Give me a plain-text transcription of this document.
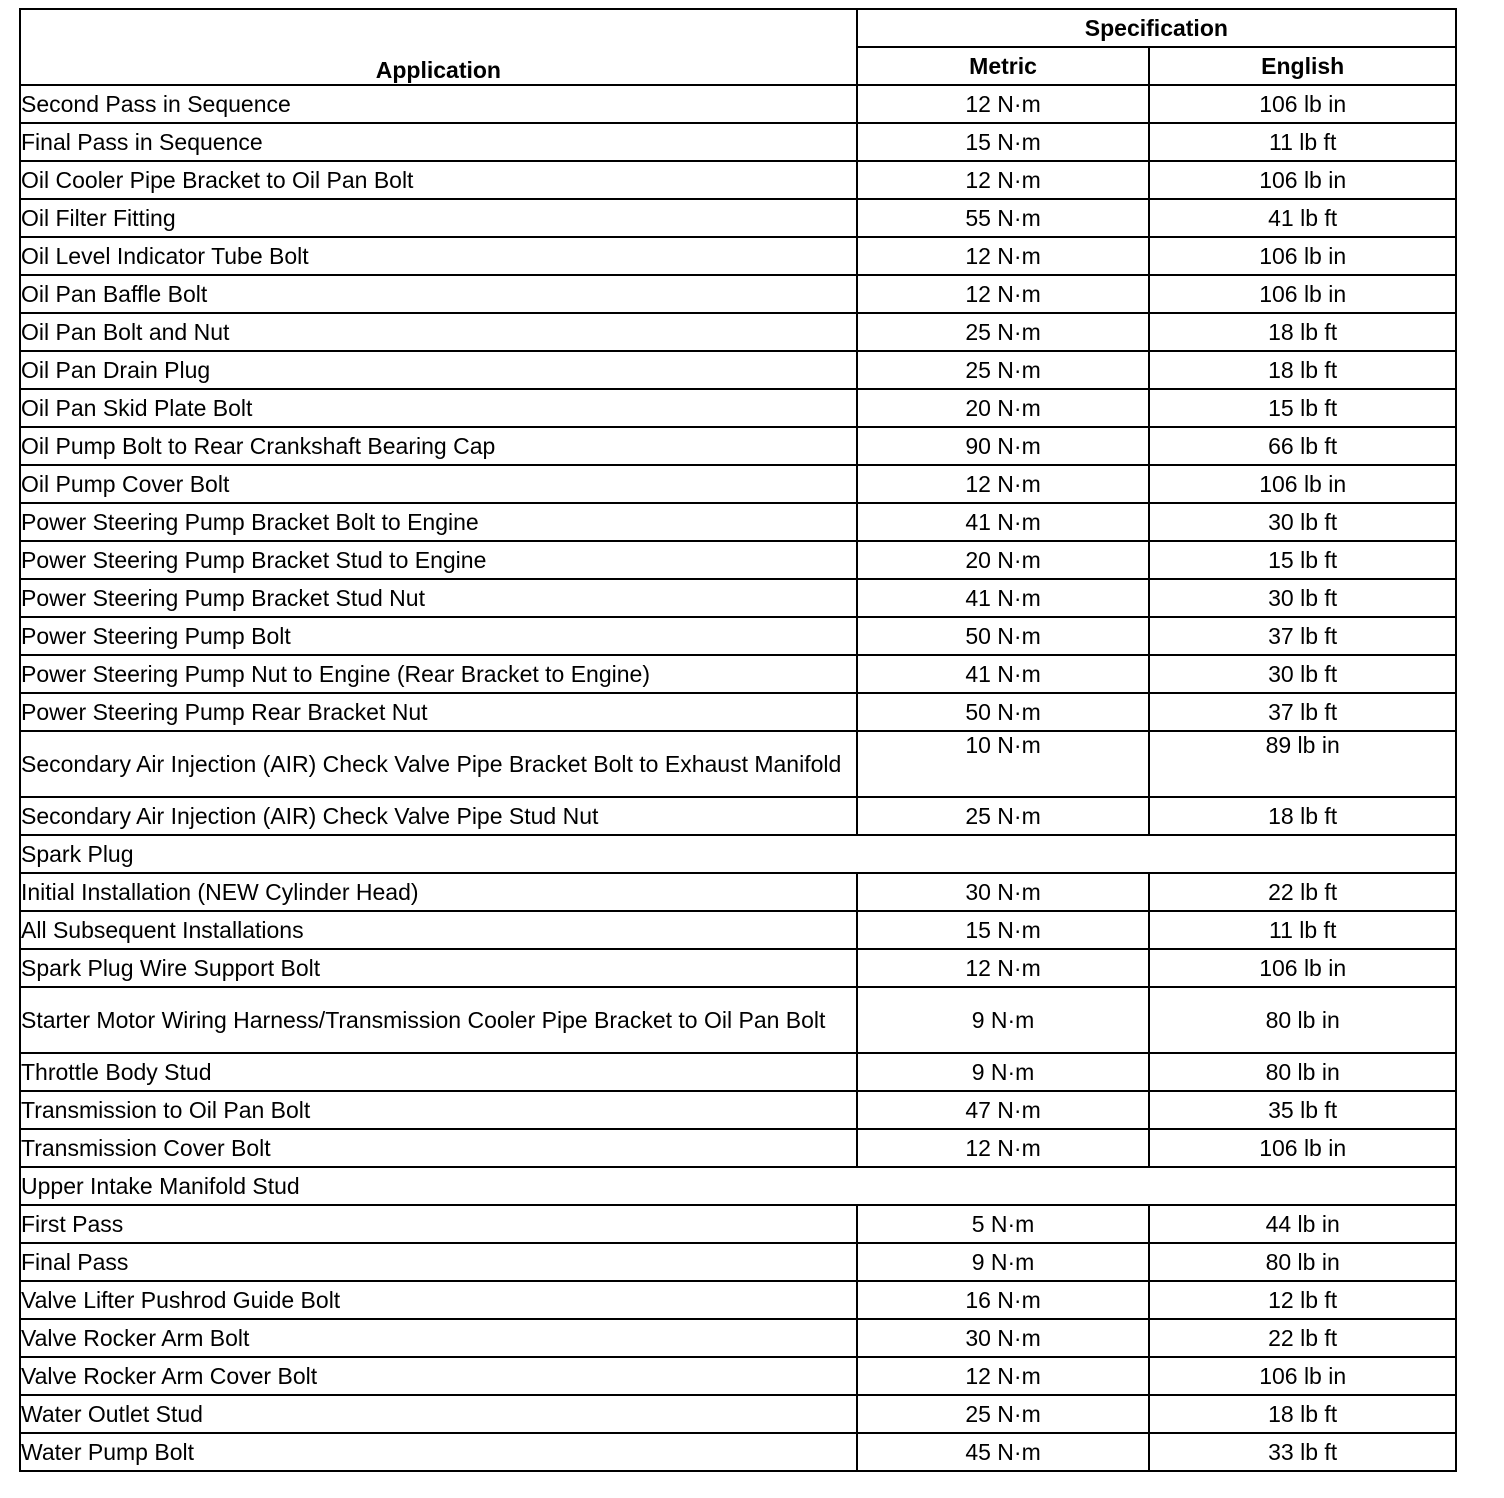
Application	Specification	
	Metric	English
Second Pass in Sequence	12 N·m	106 lb in
Final Pass in Sequence	15 N·m	11 lb ft
Oil Cooler Pipe Bracket to Oil Pan Bolt	12 N·m	106 lb in
Oil Filter Fitting	55 N·m	41 lb ft
Oil Level Indicator Tube Bolt	12 N·m	106 lb in
Oil Pan Baffle Bolt	12 N·m	106 lb in
Oil Pan Bolt and Nut	25 N·m	18 lb ft
Oil Pan Drain Plug	25 N·m	18 lb ft
Oil Pan Skid Plate Bolt	20 N·m	15 lb ft
Oil Pump Bolt to Rear Crankshaft Bearing Cap	90 N·m	66 lb ft
Oil Pump Cover Bolt	12 N·m	106 lb in
Power Steering Pump Bracket Bolt to Engine	41 N·m	30 lb ft
Power Steering Pump Bracket Stud to Engine	20 N·m	15 lb ft
Power Steering Pump Bracket Stud Nut	41 N·m	30 lb ft
Power Steering Pump Bolt	50 N·m	37 lb ft
Power Steering Pump Nut to Engine (Rear Bracket to Engine)	41 N·m	30 lb ft
Power Steering Pump Rear Bracket Nut	50 N·m	37 lb ft
Secondary Air Injection (AIR) Check Valve Pipe Bracket Bolt to Exhaust Manifold	10 N·m	89 lb in
Secondary Air Injection (AIR) Check Valve Pipe Stud Nut	25 N·m	18 lb ft
Spark Plug		
Initial Installation (NEW Cylinder Head)	30 N·m	22 lb ft
All Subsequent Installations	15 N·m	11 lb ft
Spark Plug Wire Support Bolt	12 N·m	106 lb in
Starter Motor Wiring Harness/Transmission Cooler Pipe Bracket to Oil Pan Bolt	9 N·m	80 lb in
Throttle Body Stud	9 N·m	80 lb in
Transmission to Oil Pan Bolt	47 N·m	35 lb ft
Transmission Cover Bolt	12 N·m	106 lb in
Upper Intake Manifold Stud		
First Pass	5 N·m	44 lb in
Final Pass	9 N·m	80 lb in
Valve Lifter Pushrod Guide Bolt	16 N·m	12 lb ft
Valve Rocker Arm Bolt	30 N·m	22 lb ft
Valve Rocker Arm Cover Bolt	12 N·m	106 lb in
Water Outlet Stud	25 N·m	18 lb ft
Water Pump Bolt	45 N·m	33 lb ft
